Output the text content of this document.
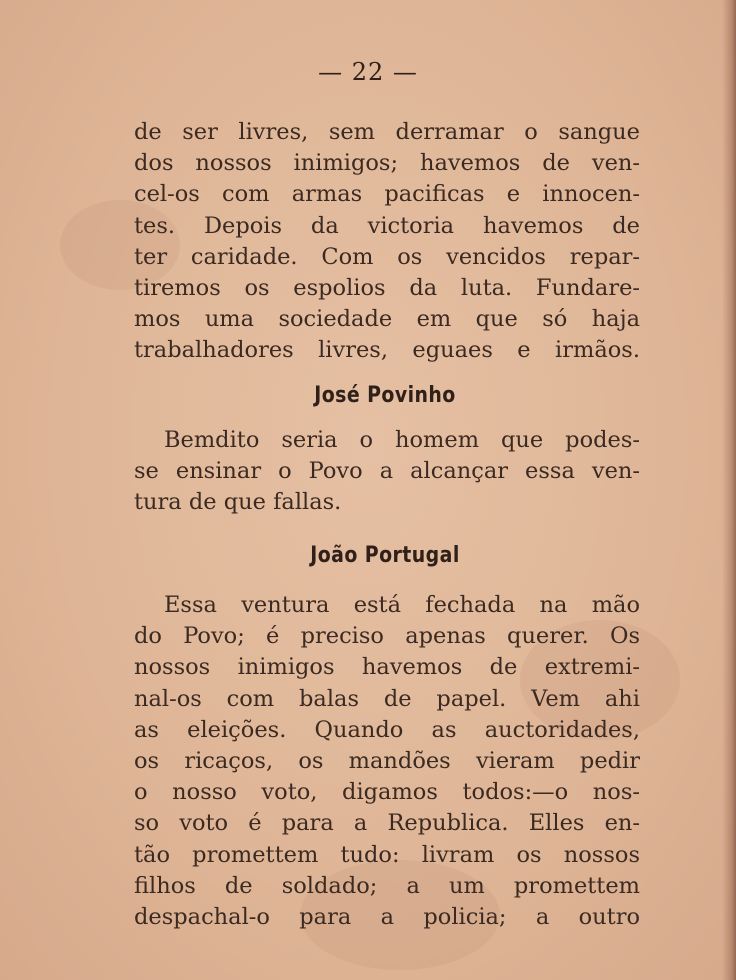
— 22 —
de ser livres, sem derramar o sangue
dos nossos inimigos; havemos de ven-
cel-os com armas pacificas e innocen-
tes. Depois da victoria havemos de
ter caridade. Com os vencidos repar-
tiremos os espolios da luta. Fundare-
mos uma sociedade em que só haja
trabalhadores livres, eguaes e irmãos.
José Povinho
Bemdito seria o homem que podes-
se ensinar o Povo a alcançar essa ven-
tura de que fallas.
João Portugal
Essa ventura está fechada na mão
do Povo; é preciso apenas querer. Os
nossos inimigos havemos de extremi-
nal-os com balas de papel. Vem ahi
as eleições. Quando as auctoridades,
os ricaços, os mandões vieram pedir
o nosso voto, digamos todos:—o nos-
so voto é para a Republica. Elles en-
tão promettem tudo: livram os nossos
filhos de soldado; a um promettem
despachal-o para a policia; a outro
